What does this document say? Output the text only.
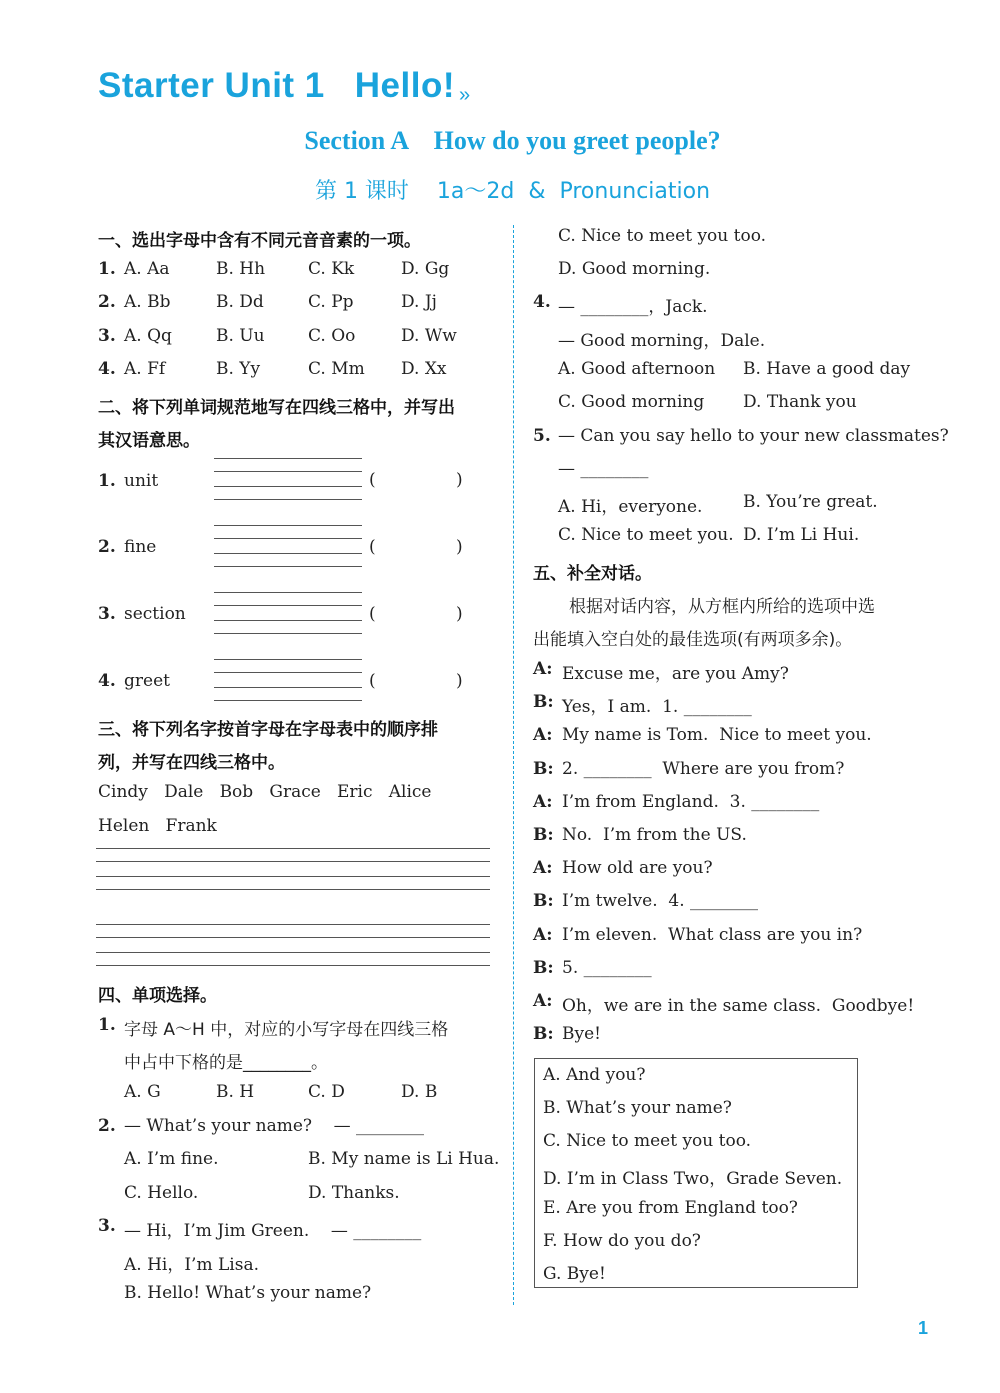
Starter Unit 1 Hello! »
Section A    How do you greet people?
第 1 课时    1a～2d  &  Pronunciation
一、选出字母中含有不同元音音素的一项。
1. A. Aa	B. Hh	C. Kk	D. Gg
2. A. Bb	B. Dd	C. Pp	D. Jj
3. A. Qq	B. Uu	C. Oo	D. Ww
4. A. Ff	B. Yy	C. Mm D. Xx
二、将下列单词规范地写在四线三格中，并写出
其汉语意思。
1. unit	(	)
2. fine	(	)
3. section	(	)
4. greet	(	)
三、将下列名字按首字母在字母表中的顺序排
列，并写在四线三格中。
Cindy   Dale   Bob   Grace   Eric   Alice
Helen   Frank
四、单项选择。
1. 字母 A～H 中，对应的小写字母在四线三格
中占中下格的是________。
A. G	B. H	C. D	D. B
2. — What’s your name?    — ________
A. I’m fine.	B. My name is Li Hua.
C. Hello.	D. Thanks.
3. — Hi，I’m Jim Green.    — ________
A. Hi，I’m Lisa.
B. Hello! What’s your name?
C. Nice to meet you too.
D. Good morning.
4. — ________，Jack.
— Good morning，Dale.
A. Good afternoon B. Have a good day
C. Good morning D. Thank you
5. — Can you say hello to your new classmates?
— ________
A. Hi，everyone. B. You’re great.
C. Nice to meet you. D. I’m Li Hui.
五、补全对话。
根据对话内容，从方框内所给的选项中选
出能填入空白处的最佳选项(有两项多余)。
A: Excuse me，are you Amy?
B: Yes，I am.  1. ________
A: My name is Tom.  Nice to meet you.
B: 2. ________  Where are you from?
A: I’m from England.  3. ________
B: No.  I’m from the US.
A: How old are you?
B: I’m twelve.  4. ________
A: I’m eleven.  What class are you in?
B: 5. ________
A: Oh，we are in the same class.  Goodbye!
B: Bye!
A. And you?
B. What’s your name?
C. Nice to meet you too.
D. I’m in Class Two，Grade Seven.
E. Are you from England too?
F. How do you do?
G. Bye!
1
